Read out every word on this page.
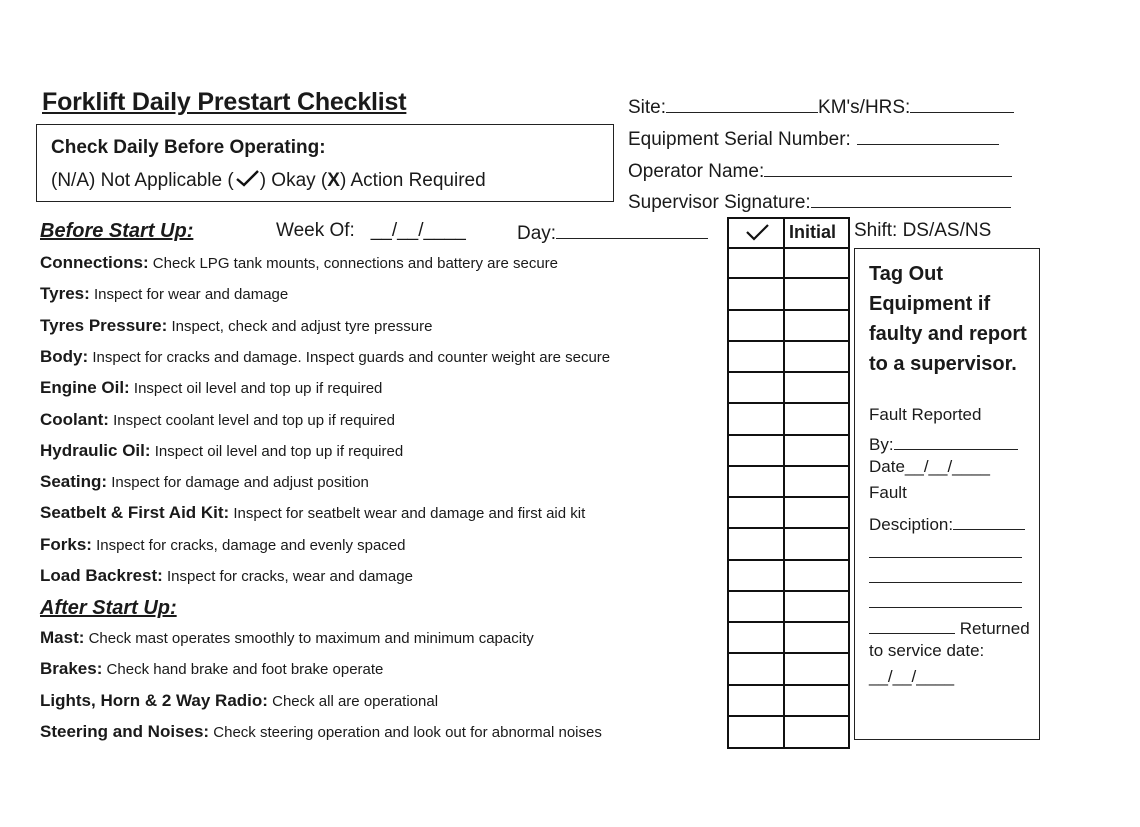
Forklift Daily Prestart Checklist
Check Daily Before Operating:
(N/A) Not Applicable ( ) Okay (X) Action Required
Site:	KM's/HRS:
Equipment Serial Number:
Operator Name:
Supervisor Signature:
Before Start Up:	Week Of: __/__/____	Day:
Connections: Check LPG tank mounts, connections and battery are secure
Tyres: Inspect for wear and damage
Tyres Pressure: Inspect, check and adjust tyre pressure
Body: Inspect for cracks and damage. Inspect guards and counter weight are secure
Engine Oil: Inspect oil level and top up if required
Coolant: Inspect coolant level and top up if required
Hydraulic Oil: Inspect oil level and top up if required
Seating: Inspect for damage and adjust position
Seatbelt & First Aid Kit: Inspect for seatbelt wear and damage and first aid kit
Forks: Inspect for cracks, damage and evenly spaced
Load Backrest: Inspect for cracks, wear and damage
After Start Up:
Mast: Check mast operates smoothly to maximum and minimum capacity
Brakes: Check hand brake and foot brake operate
Lights, Horn & 2 Way Radio: Check all are operational
Steering and Noises: Check steering operation and look out for abnormal noises
Initial Shift: DS/AS/NS
Tag Out
Equipment if
faulty and report
to a supervisor.
Fault Reported
By:
Date__/__/____
Fault
Desciption:
Returned
to service date:
__/__/____
